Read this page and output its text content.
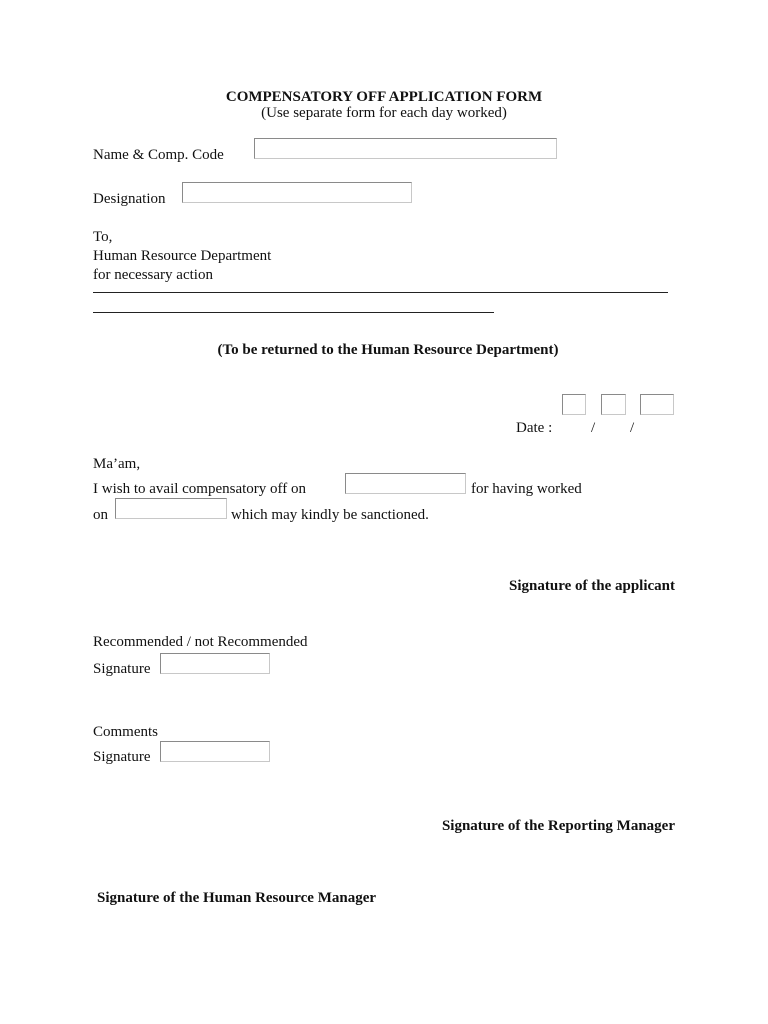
COMPENSATORY OFF APPLICATION FORM
(Use separate form for each day worked)
Name & Comp. Code
Designation
To,
Human Resource Department
for necessary action
(To be returned to the Human Resource Department)
Date :	/ /
Ma’am,
I wish to avail compensatory off on	for having worked
on	which may kindly be sanctioned.
Signature of the applicant
Recommended / not Recommended
Signature
Comments
Signature
Signature of the Reporting Manager
Signature of the Human Resource Manager
